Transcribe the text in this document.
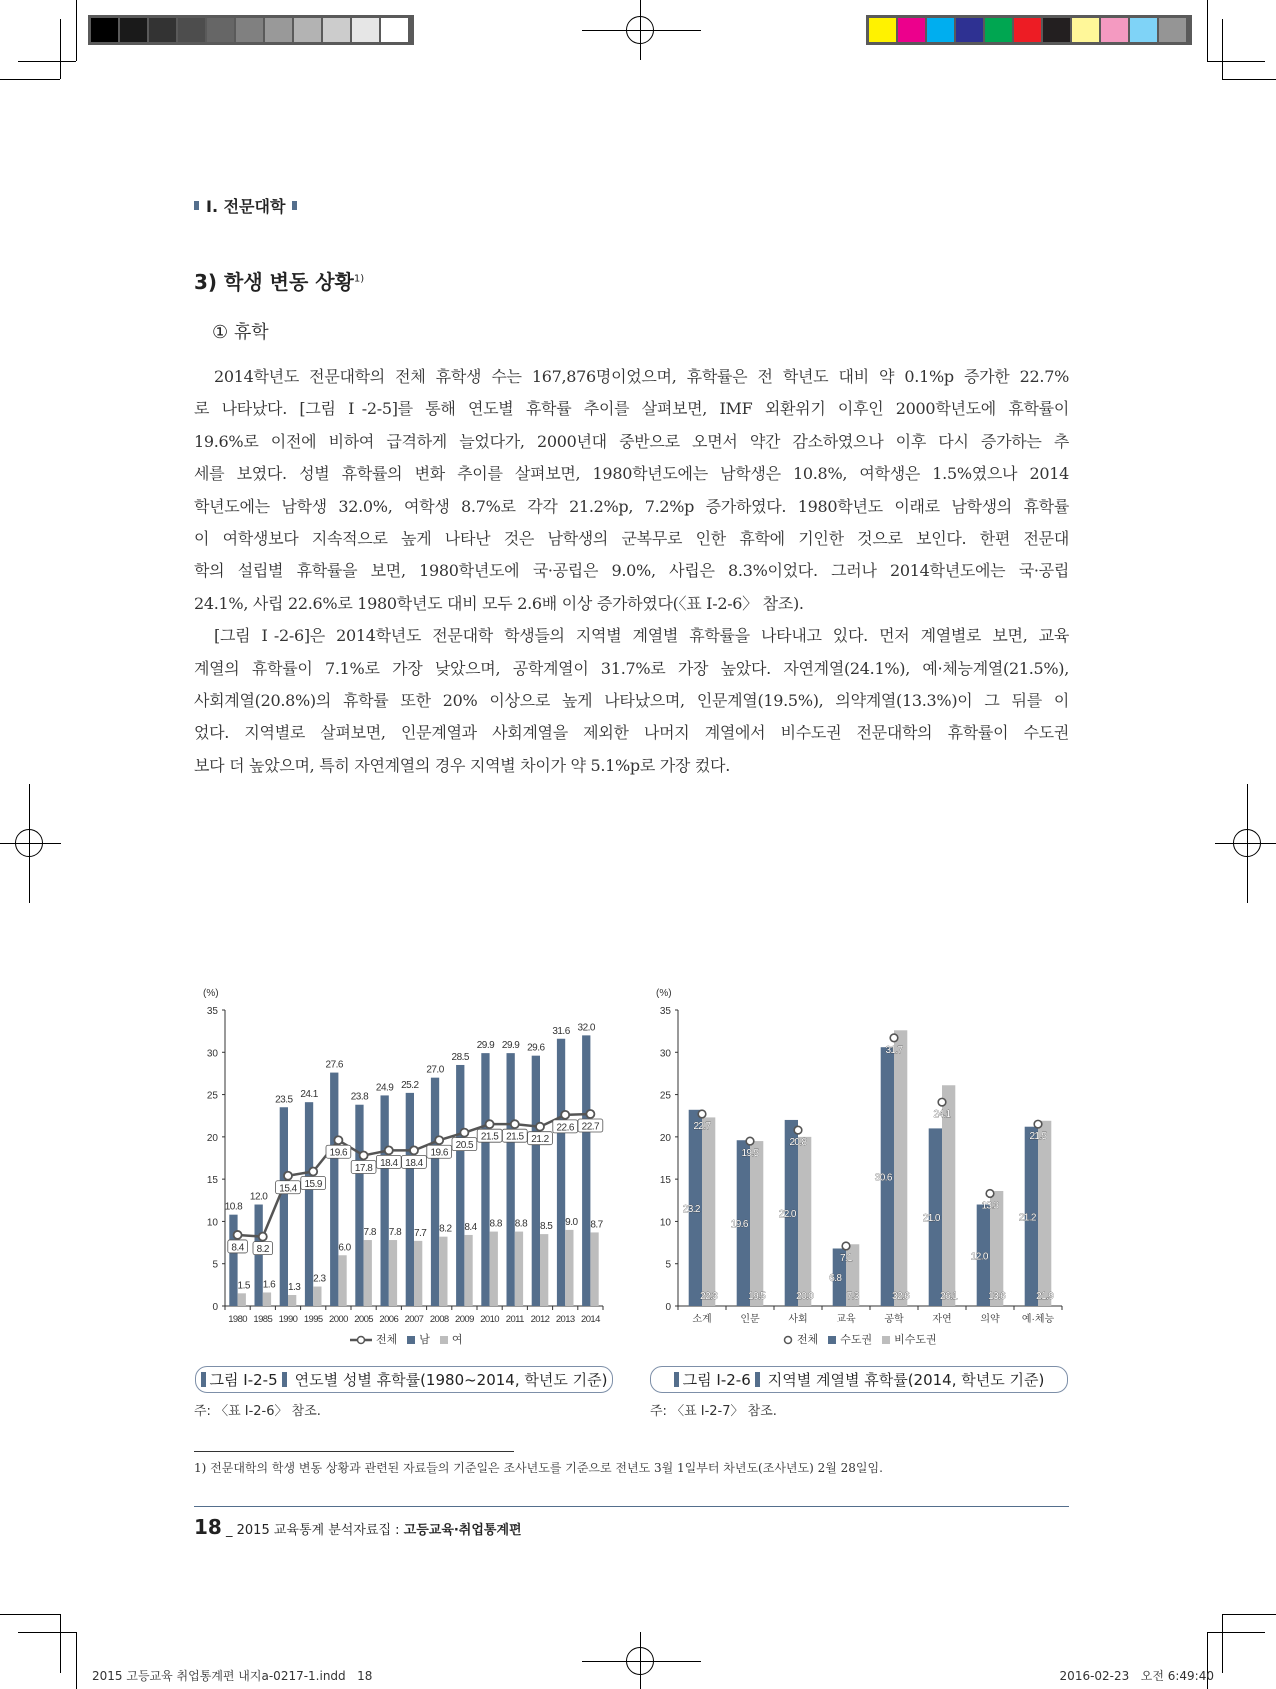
I. 전문대학
3) 학생 변동 상황$^{1)}$
① 휴학
2014학년도 전문대학의 전체 휴학생 수는 167,876명이었으며, 휴학률은 전 학년도 대비 약 0.1%p 증가한 22.7%
로 나타났다. [그림 Ⅰ-2-5]를 통해 연도별 휴학률 추이를 살펴보면, IMF 외환위기 이후인 2000학년도에 휴학률이
19.6%로 이전에 비하여 급격하게 늘었다가, 2000년대 중반으로 오면서 약간 감소하였으나 이후 다시 증가하는 추
세를 보였다. 성별 휴학률의 변화 추이를 살펴보면, 1980학년도에는 남학생은 10.8%, 여학생은 1.5%였으나 2014
학년도에는 남학생 32.0%, 여학생 8.7%로 각각 21.2%p, 7.2%p 증가하였다. 1980학년도 이래로 남학생의 휴학률
이 여학생보다 지속적으로 높게 나타난 것은 남학생의 군복무로 인한 휴학에 기인한 것으로 보인다. 한편 전문대
학의 설립별 휴학률을 보면, 1980학년도에 국·공립은 9.0%, 사립은 8.3%이었다. 그러나 2014학년도에는 국·공립
24.1%, 사립 22.6%로 1980학년도 대비 모두 2.6배 이상 증가하였다(〈표 Ⅰ-2-6〉 참조).
[그림 Ⅰ-2-6]은 2014학년도 전문대학 학생들의 지역별 계열별 휴학률을 나타내고 있다. 먼저 계열별로 보면, 교육
계열의 휴학률이 7.1%로 가장 낮았으며, 공학계열이 31.7%로 가장 높았다. 자연계열(24.1%), 예·체능계열(21.5%),
사회계열(20.8%)의 휴학률 또한 20% 이상으로 높게 나타났으며, 인문계열(19.5%), 의약계열(13.3%)이 그 뒤를 이
었다. 지역별로 살펴보면, 인문계열과 사회계열을 제외한 나머지 계열에서 비수도권 전문대학의 휴학률이 수도권
보다 더 높았으며, 특히 자연계열의 경우 지역별 차이가 약 5.1%p로 가장 컸다.
(%)
0
5
10
15
20
25
30
35
10.8
1.5
1980
12.0
1.6
1985
23.5
1.3
1990
24.1
2.3
1995
27.6
6.0
2000
23.8
7.8
2005
24.9
7.8
2006
25.2
7.7
2007
27.0
8.2
2008
28.5
8.4
2009
29.9
8.8
2010
29.9
8.8
2011
29.6
8.5
2012
31.6
9.0
2013
32.0
8.7
2014
8.4 8.2
15.4 15.9
19.6
17.8 18.4 18.4
19.6
20.5
21.5 21.5 21.2
22.6 22.7
(%)
0
5
10
15
20
25
30
35
23.2
22.3
22.7
소계
19.6
19.5
19.5
인문
22.0
20.0
20.8
사회
6.8
7.3
7.1
교육
30.6
32.6
31.7
공학
21.0
26.1
24.1
자연
12.0
13.6
13.3
의약
21.2
21.9
21.5
예·체능
전체	남	여	전체	수도권	비수도권
그림 Ⅰ-2-5 연도별 성별 휴학률(1980~2014, 학년도 기준)	그림 Ⅰ-2-6 지역별 계열별 휴학률(2014, 학년도 기준)
주: 〈표 Ⅰ-2-6〉 참조.	주: 〈표 Ⅰ-2-7〉 참조.
1) 전문대학의 학생 변동 상황과 관련된 자료들의 기준일은 조사년도를 기준으로 전년도 3월 1일부터 차년도(조사년도) 2월 28일임.
18 _ 2015 교육통계 분석자료집 : 고등교육·취업통계편
2015 고등교육 취업통계편 내지a-0217-1.indd   18	2016-02-23   오전 6:49:40
